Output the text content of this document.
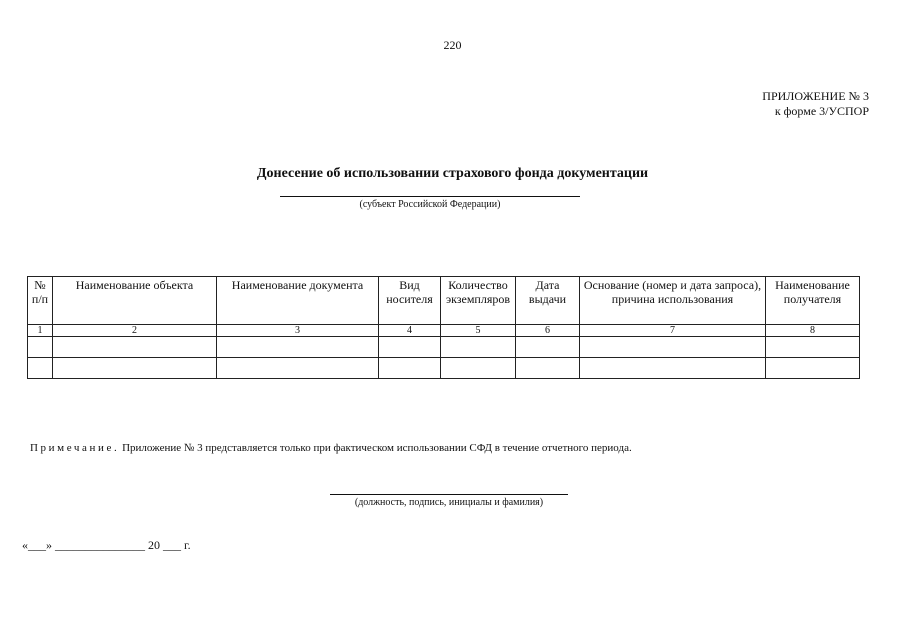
220
ПРИЛОЖЕНИЕ № 3
к форме 3/УСПОР
Донесение об использовании страхового фонда документации
(субъект Российской Федерации)
№ п/п	Наименование объекта	Наименование документа	Вид носителя	Количество экземпляров	Дата выдачи	Основание (номер и дата запроса), причина использования	Наименование получателя
1	2	3	4	5	6	7	8

Примечание. Приложение № 3 представляется только при фактическом использовании СФД в течение отчетного периода.
(должность, подпись, инициалы и фамилия)
«___» _______________ 20 ___ г.
